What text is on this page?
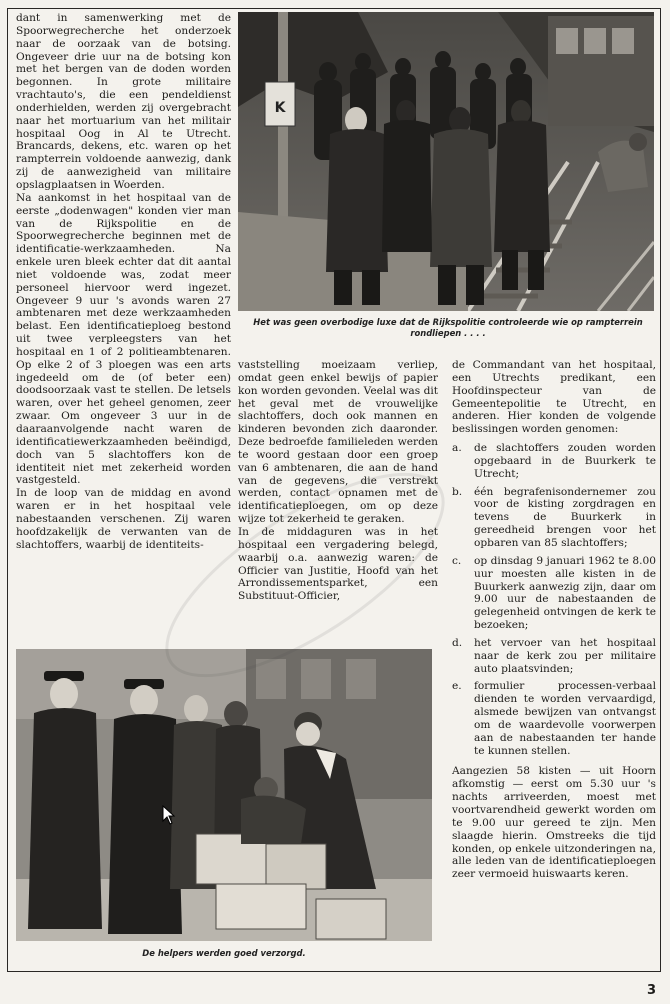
dant in samenwerking met de Spoorwegrecherche het onderzoek naar de oorzaak van de botsing. Ongeveer drie uur na de botsing kon met het bergen van de doden worden begonnen. In grote militaire vrachtauto's, die een pendeldienst onderhielden, werden zij overgebracht naar het mortuarium van het militair hospitaal Oog in Al te Utrecht. Brancards, dekens, etc. waren op het rampterrein voldoende aanwezig, dank zij de aanwezigheid van militaire opslagplaatsen in Woerden.

Na aankomst in het hospitaal van de eerste „dodenwagen" konden vier man van de Rijkspolitie en de Spoorwegrecherche beginnen met de identificatie-werkzaamheden. Na enkele uren bleek echter dat dit aantal niet voldoende was, zodat meer personeel hiervoor werd ingezet. Ongeveer 9 uur 's avonds waren 27 ambtenaren met deze werkzaamheden belast. Een identificatieploeg bestond uit twee verpleegsters van het hospitaal en 1 of 2 politieambtenaren. Op elke 2 of 3 ploegen was een arts ingedeeld om de (of beter een) doodsoorzaak vast te stellen. De letsels waren, over het geheel genomen, zeer zwaar. Om ongeveer 3 uur in de daaraanvolgende nacht waren de identificatiewerkzaamheden beëindigd, doch van 5 slachtoffers kon de identiteit niet met zekerheid worden vastgesteld.

In de loop van de middag en avond waren er in het hospitaal vele nabestaanden verschenen. Zij waren hoofdzakelijk de verwanten van de slachtoffers, waarbij de identiteits-

K
Het was geen overbodige luxe dat de Rijkspolitie controleerde wie op rampterrein rondliepen . . . .

vaststelling moeizaam verliep, omdat geen enkel bewijs of papier kon worden gevonden. Veelal was dit het geval met de vrouwelijke slachtoffers, doch ook mannen en kinderen bevonden zich daaronder. Deze bedroefde familieleden werden te woord gestaan door een groep van 6 ambtenaren, die aan de hand van de gegevens, die verstrekt werden, contact opnamen met de identificatieploegen, om op deze wijze tot zekerheid te geraken.

In de middaguren was in het hospitaal een vergadering belegd, waarbij o.a. aanwezig waren: de Officier van Justitie, Hoofd van het Arrondissementsparket, een Substituut-Officier,

de Commandant van het hospitaal, een Utrechts predikant, een Hoofdinspecteur van de Gemeentepolitie te Utrecht, en anderen. Hier konden de volgende beslissingen worden genomen:

a. de slachtoffers zouden worden opgebaard in de Buurkerk te Utrecht;
b. één begrafenisondernemer zou voor de kisting zorgdragen en tevens de Buurkerk in gereedheid brengen voor het opbaren van 85 slachtoffers;
c. op dinsdag 9 januari 1962 te 8.00 uur moesten alle kisten in de Buurkerk aanwezig zijn, daar om 9.00 uur de nabestaanden de gelegenheid ontvingen de kerk te bezoeken;
d. het vervoer van het hospitaal naar de kerk zou per militaire auto plaatsvinden;
e. formulier processen-verbaal dienden te worden vervaardigd, alsmede bewijzen van ontvangst om de waardevolle voorwerpen aan de nabestaanden ter hande te kunnen stellen.

Aangezien 58 kisten — uit Hoorn afkomstig — eerst om 5.30 uur 's nachts arriveerden, moest met voortvarendheid gewerkt worden om te 9.00 uur gereed te zijn. Men slaagde hierin. Omstreeks die tijd konden, op enkele uitzonderingen na, alle leden van de identificatieploegen zeer vermoeid huiswaarts keren.

De helpers werden goed verzorgd.
3
